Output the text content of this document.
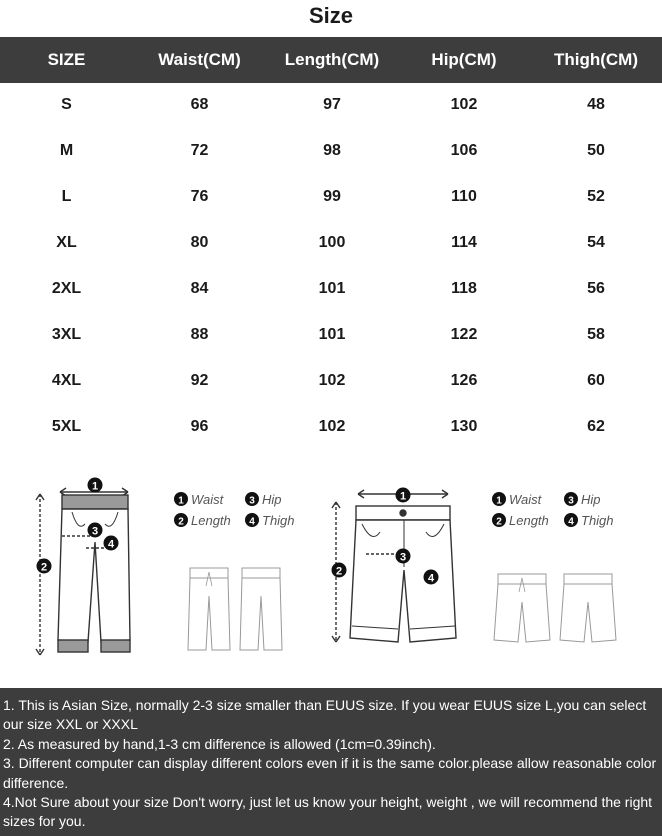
Size
SIZE	Waist(CM)	Length(CM)	Hip(CM)	Thigh(CM)
S	68	97	102	48
M	72	98	106	50
L	76	99	110	52
XL	80	100	114	54
2XL	84	101	118	56
3XL	88	101	122	58
4XL	92	102	126	60
5XL	96	102	130	62
1
2
3
4
1 Waist	3 Hip
2 Length 4 Thigh
1
2
3
4
1 Waist	3 Hip
2 Length 4 Thigh
1. This is Asian Size, normally 2-3 size smaller than EUUS size. If you wear EUUS size L,you can select our size XXL or XXXL
2. As measured by hand,1-3 cm difference is allowed (1cm=0.39inch).
3. Different computer can display different colors even if it is the same color.please allow reasonable color difference.
4.Not Sure about your size Don't worry, just let us know your height, weight , we will recommend the right sizes for you.
